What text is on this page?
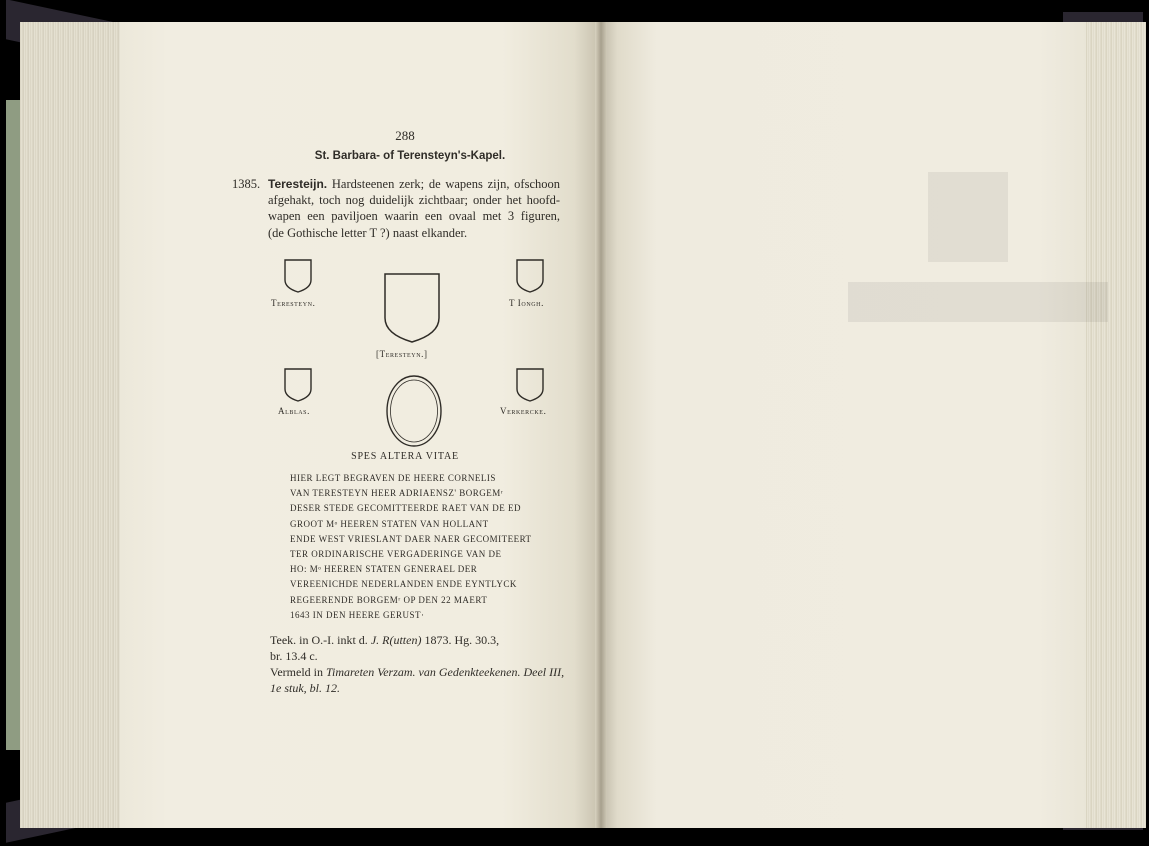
288
St. Barbara- of Terensteyn's-Kapel.
1385. Teresteijn. Hardsteenen zerk; de wapens zijn, ofschoon
afgehakt, toch nog duidelijk zichtbaar; onder het hoofd-
wapen een paviljoen waarin een ovaal met 3 figuren,
(de Gothische letter T ?) naast elkander.
Teresteyn.	T Iongh.
[Teresteyn.]
Alblas.	Verkercke.
SPES ALTERA VITAE
HIER LEGT BEGRAVEN DE HEERE CORNELIS
VAN TERESTEYN HEER ADRIAENSZ' BORGEMʳ
DESER STEDE GECOMITTEERDE RAET VAN DE ED
GROOT Mᵒ HEEREN STATEN VAN HOLLANT
ENDE WEST VRIESLANT DAER NAER GECOMITEERT
TER ORDINARISCHE VERGADERINGE VAN DE
HO: Mᵒ HEEREN STATEN GENERAEL DER
VEREENICHDE NEDERLANDEN ENDE EYNTLYCK
REGEERENDE BORGEMʳ OP DEN 22 MAERT
1643 IN DEN HEERE GERUST·
Teek. in O.-I. inkt d. J. R(utten) 1873. Hg. 30.3,
br. 13.4 c.
Vermeld in Timareten Verzam. van Gedenkteekenen. Deel III,
1e stuk, bl. 12.
